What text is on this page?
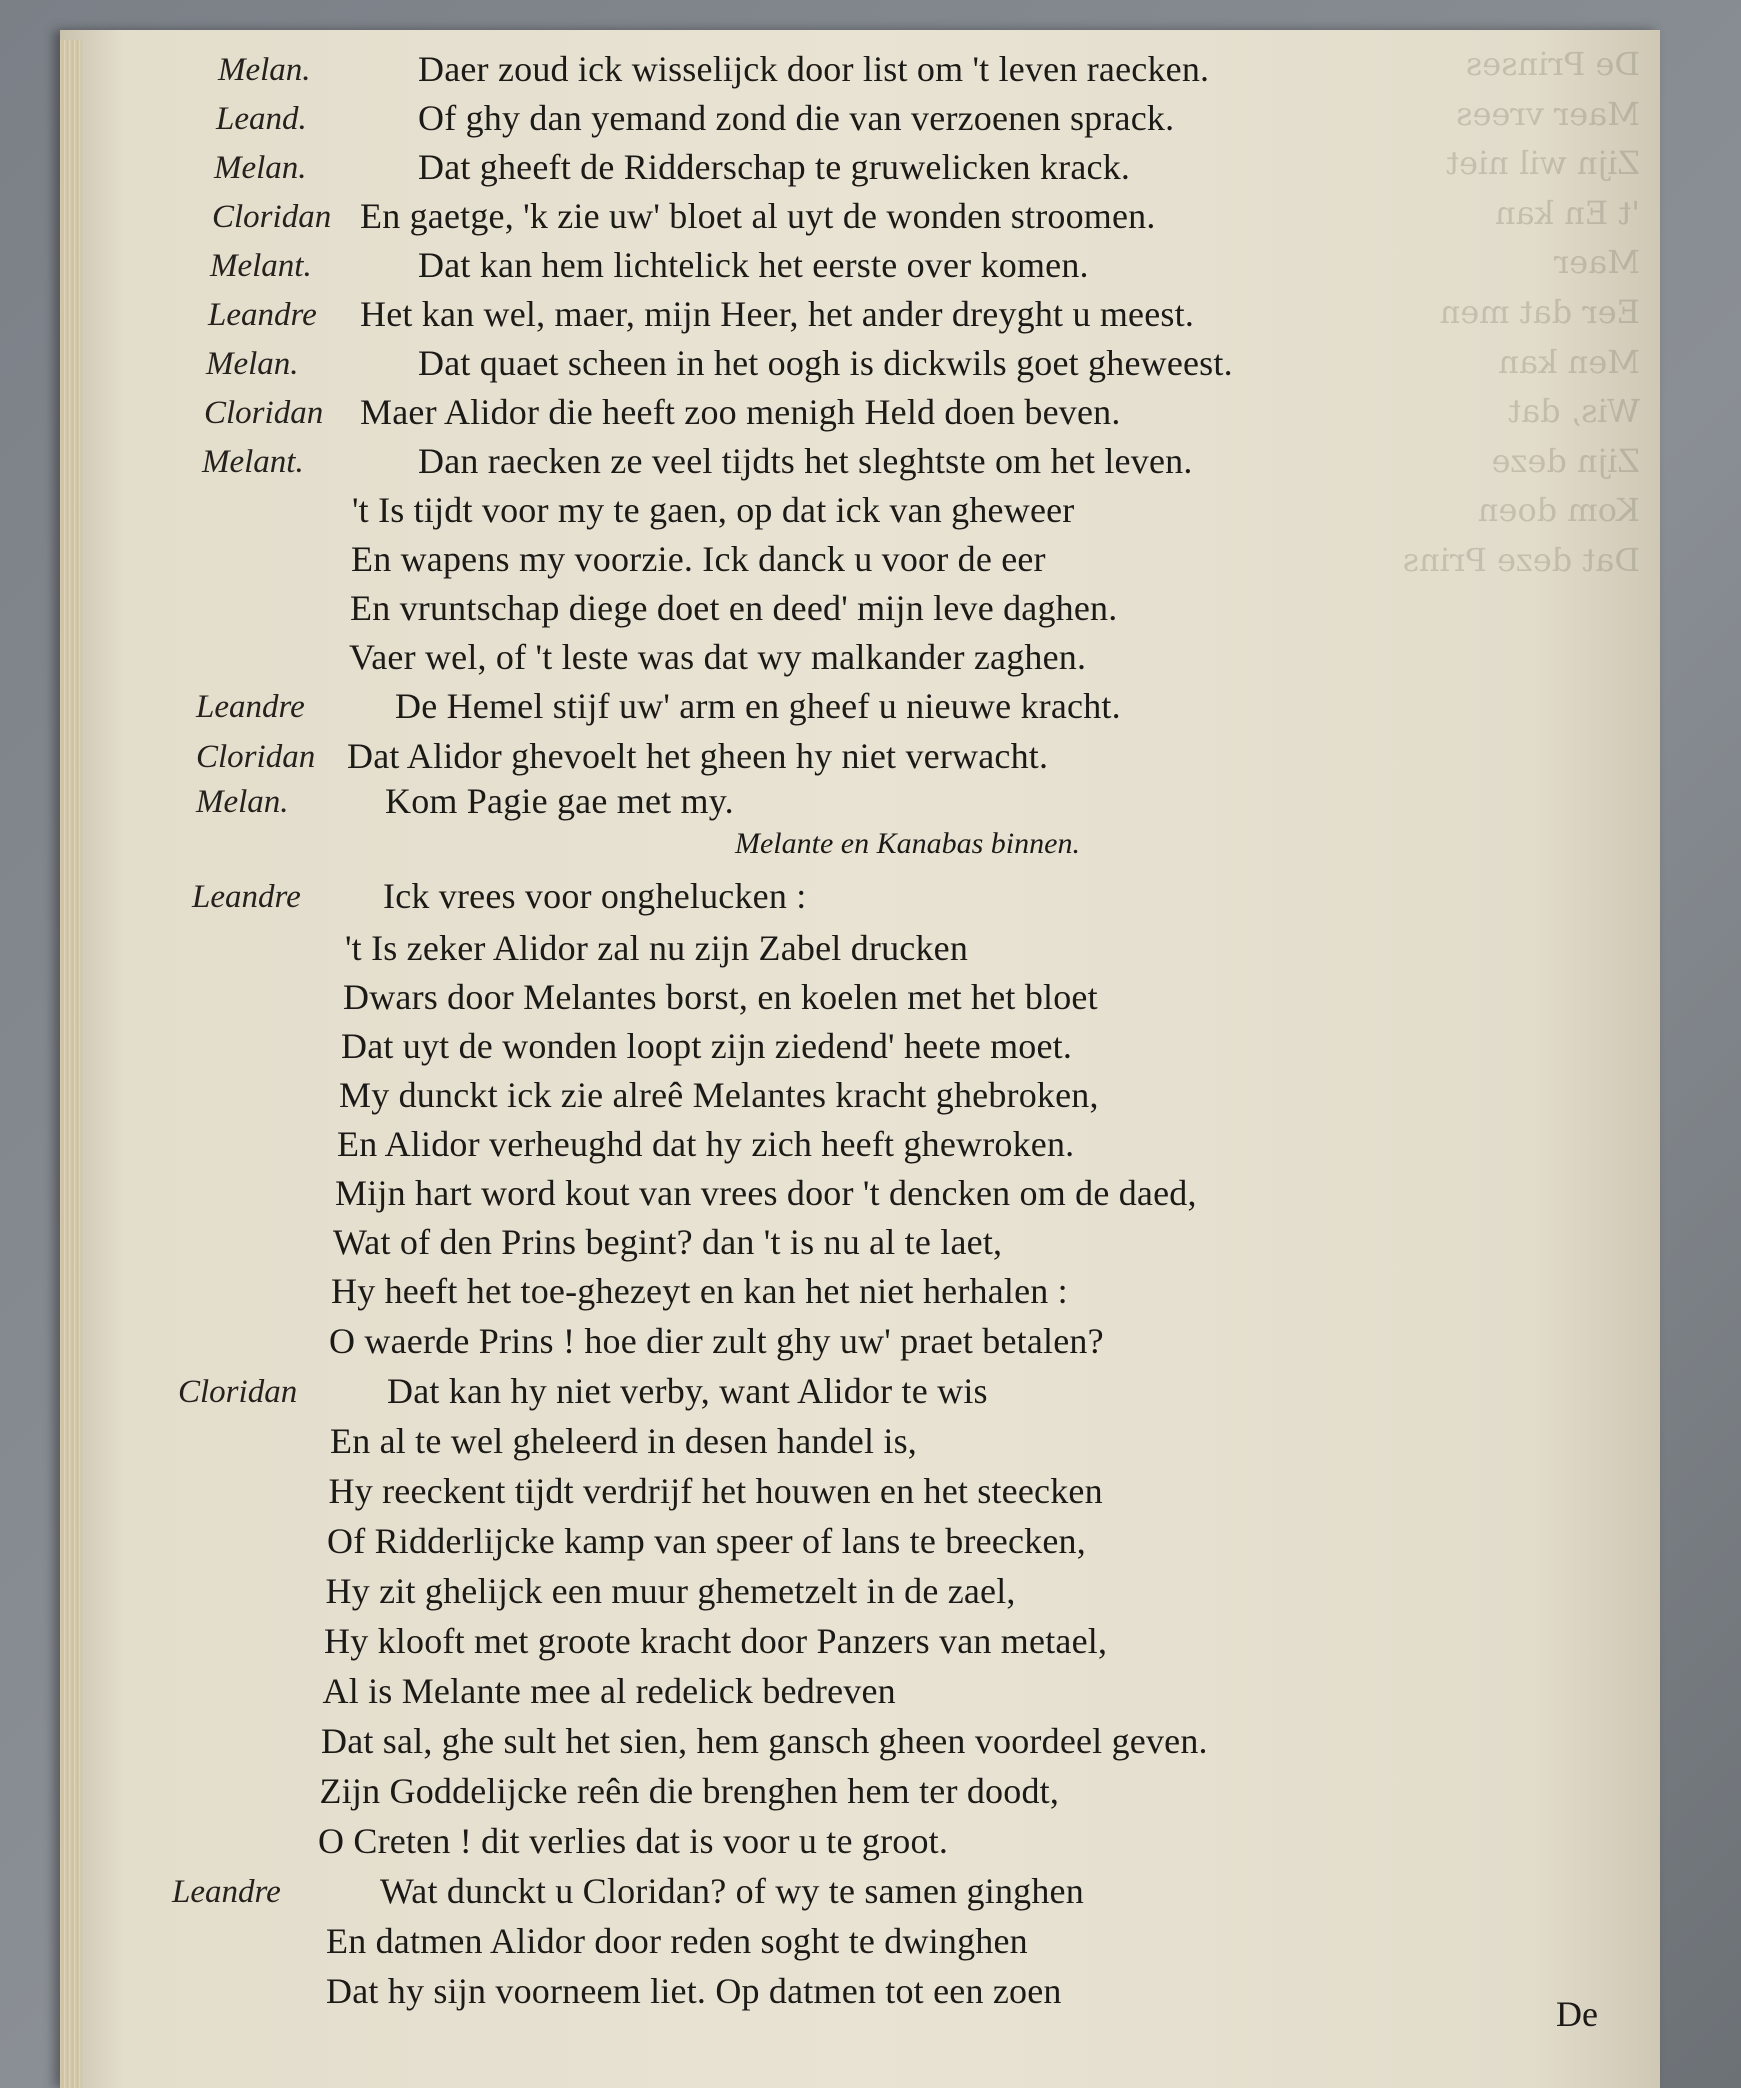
De Prinses
Maer vrees
Zijn wil niet
't En kan
Maer
Eer dat men
Men kan
Wis, dat
Zijn deze
Kom doen
Dat deze Prins
Melan.	Daer zoud ick wisselijck door list om 't leven raecken.
Leand.	Of ghy dan yemand zond die van verzoenen sprack.
Melan.	Dat gheeft de Ridderschap te gruwelicken krack.
Cloridan En gaetge, 'k zie uw' bloet al uyt de wonden stroomen.
Melant.	Dat kan hem lichtelick het eerste over komen.
Leandre Het kan wel, maer, mijn Heer, het ander dreyght u meest.
Melan.	Dat quaet scheen in het oogh is dickwils goet gheweest.
Cloridan Maer Alidor die heeft zoo menigh Held doen beven.
Melant.	Dan raecken ze veel tijdts het sleghtste om het leven.
't Is tijdt voor my te gaen, op dat ick van gheweer
En wapens my voorzie. Ick danck u voor de eer
En vruntschap diege doet en deed' mijn leve daghen.
Vaer wel, of 't leste was dat wy malkander zaghen.
Leandre	De Hemel stijf uw' arm en gheef u nieuwe kracht.
Cloridan Dat Alidor ghevoelt het gheen hy niet verwacht.
Melan.	Kom Pagie gae met my.
Melante en Kanabas binnen.
Leandre Ick vrees voor onghelucken :
't Is zeker Alidor zal nu zijn Zabel drucken
Dwars door Melantes borst, en koelen met het bloet
Dat uyt de wonden loopt zijn ziedend' heete moet.
My dunckt ick zie alreê Melantes kracht ghebroken,
En Alidor verheughd dat hy zich heeft ghewroken.
Mijn hart word kout van vrees door 't dencken om de daed,
Wat of den Prins begint? dan 't is nu al te laet,
Hy heeft het toe-ghezeyt en kan het niet herhalen :
O waerde Prins ! hoe dier zult ghy uw' praet betalen?
Cloridan Dat kan hy niet verby, want Alidor te wis
En al te wel gheleerd in desen handel is,
Hy reeckent tijdt verdrijf het houwen en het steecken
Of Ridderlijcke kamp van speer of lans te breecken,
Hy zit ghelijck een muur ghemetzelt in de zael,
Hy klooft met groote kracht door Panzers van metael,
Al is Melante mee al redelick bedreven
Dat sal, ghe sult het sien, hem gansch gheen voordeel geven.
Zijn Goddelijcke reên die brenghen hem ter doodt,
O Creten ! dit verlies dat is voor u te groot.
Leandre	Wat dunckt u Cloridan? of wy te samen ginghen
En datmen Alidor door reden soght te dwinghen
Dat hy sijn voorneem liet. Op datmen tot een zoen
De
